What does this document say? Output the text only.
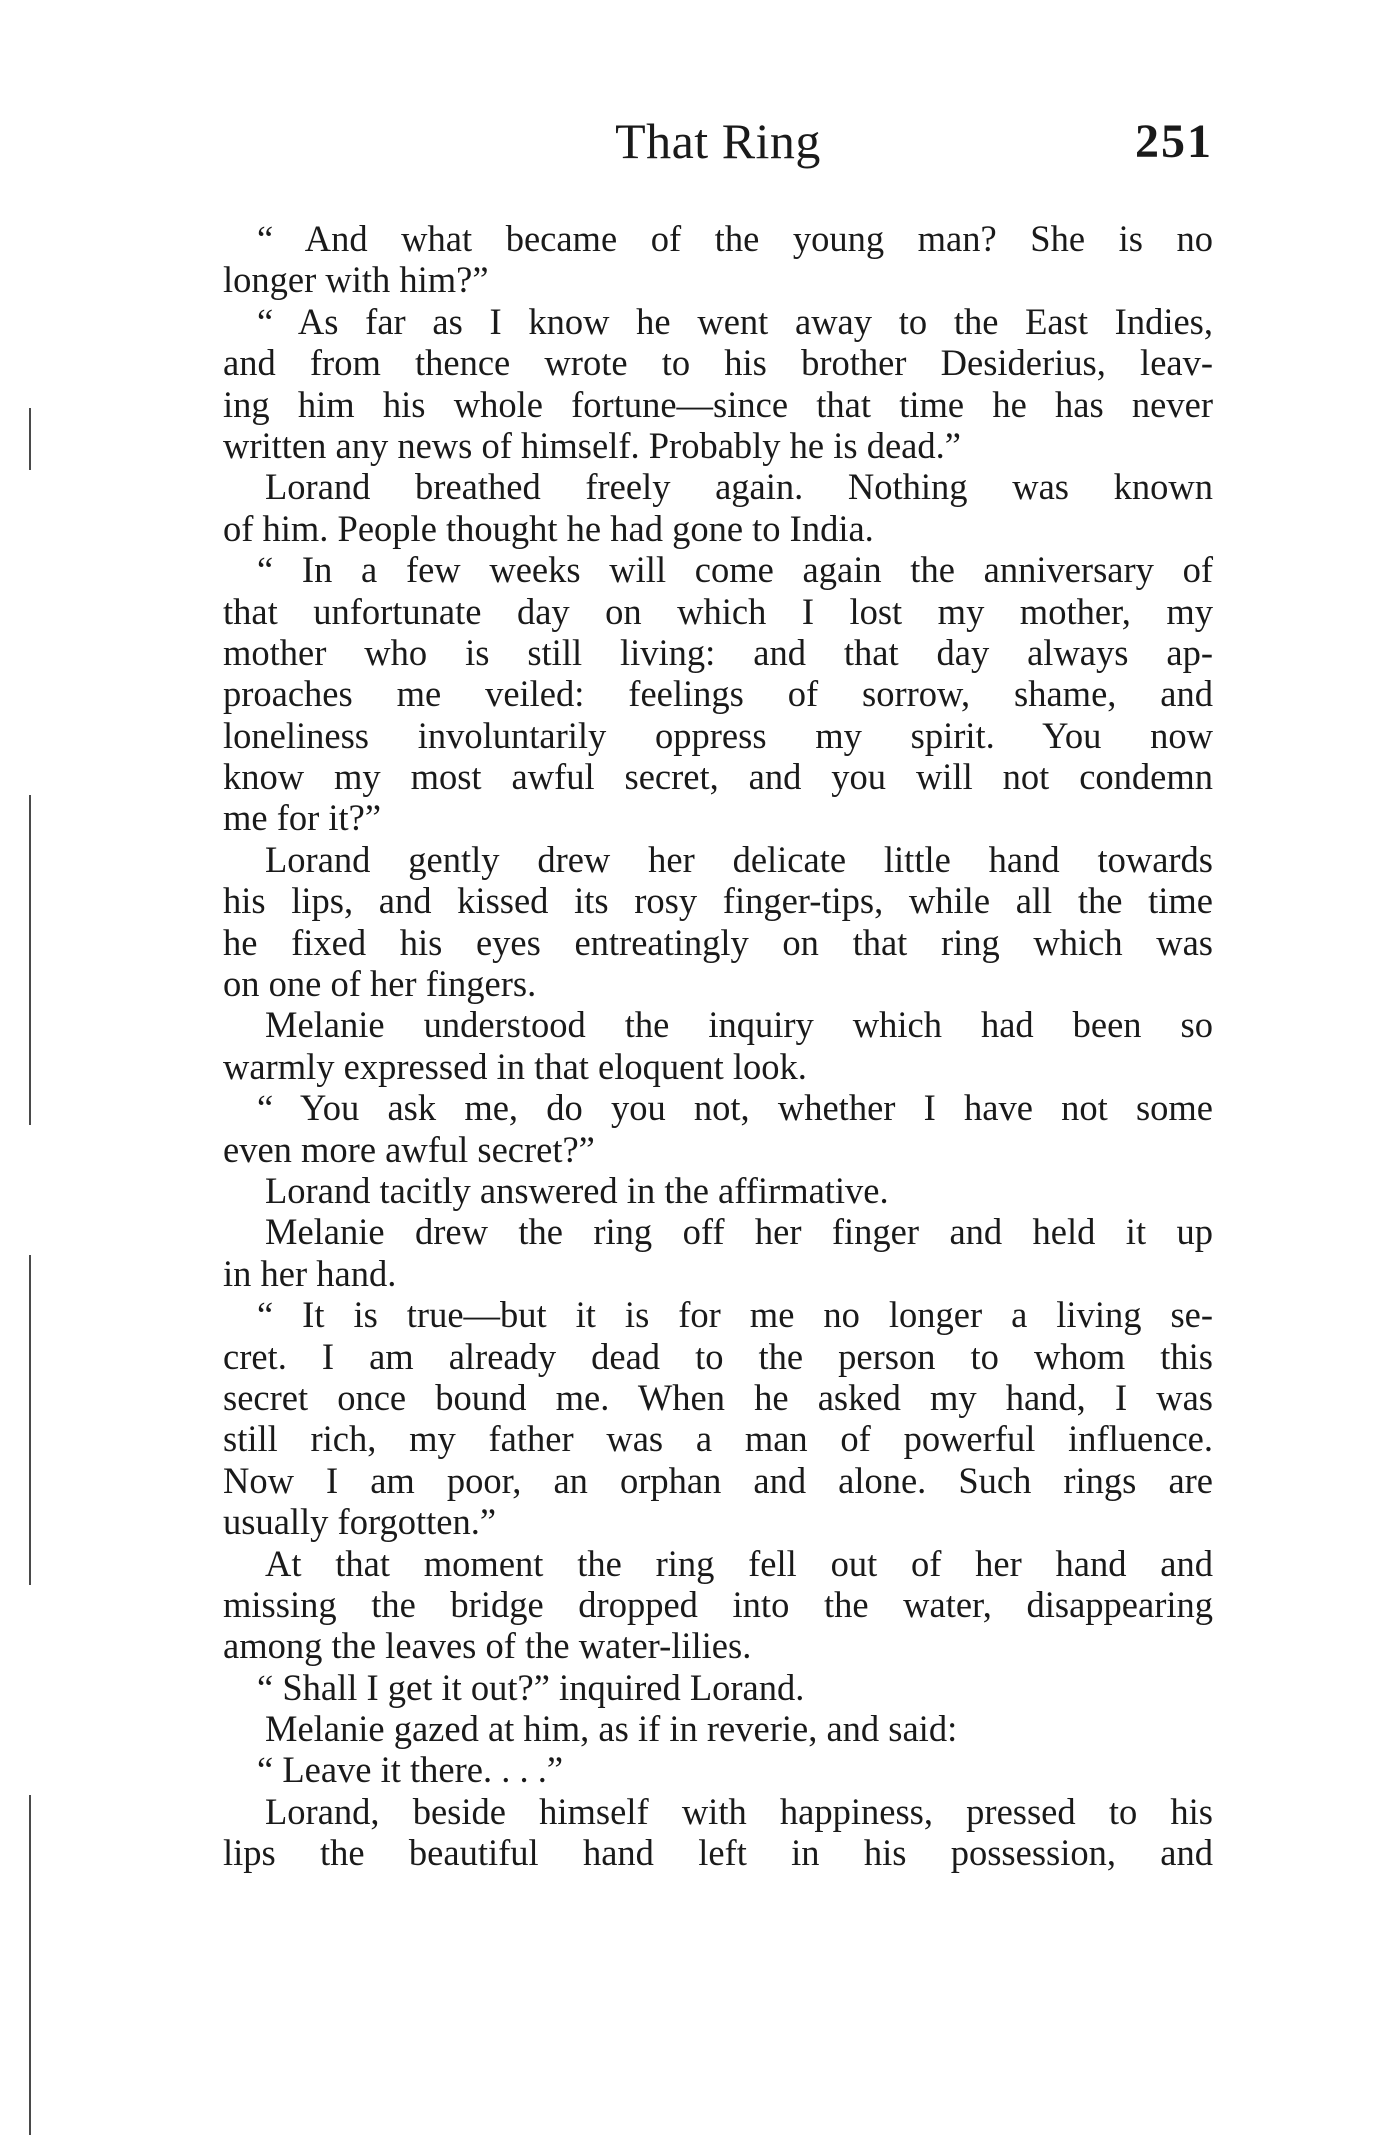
That Ring	251
“ And what became of the young man? She is no
longer with him?”
“ As far as I know he went away to the East Indies,
and from thence wrote to his brother Desiderius, leav-
ing him his whole fortune—since that time he has never
written any news of himself. Probably he is dead.”
Lorand breathed freely again. Nothing was known
of him. People thought he had gone to India.
“ In a few weeks will come again the anniversary of
that unfortunate day on which I lost my mother, my
mother who is still living: and that day always ap-
proaches me veiled: feelings of sorrow, shame, and
loneliness involuntarily oppress my spirit. You now
know my most awful secret, and you will not condemn
me for it?”
Lorand gently drew her delicate little hand towards
his lips, and kissed its rosy finger-tips, while all the time
he fixed his eyes entreatingly on that ring which was
on one of her fingers.
Melanie understood the inquiry which had been so
warmly expressed in that eloquent look.
“ You ask me, do you not, whether I have not some
even more awful secret?”
Lorand tacitly answered in the affirmative.
Melanie drew the ring off her finger and held it up
in her hand.
“ It is true—but it is for me no longer a living se-
cret. I am already dead to the person to whom this
secret once bound me. When he asked my hand, I was
still rich, my father was a man of powerful influence.
Now I am poor, an orphan and alone. Such rings are
usually forgotten.”
At that moment the ring fell out of her hand and
missing the bridge dropped into the water, disappearing
among the leaves of the water-lilies.
“ Shall I get it out?” inquired Lorand.
Melanie gazed at him, as if in reverie, and said:
“ Leave it there. . . .”
Lorand, beside himself with happiness, pressed to his
lips the beautiful hand left in his possession, and
